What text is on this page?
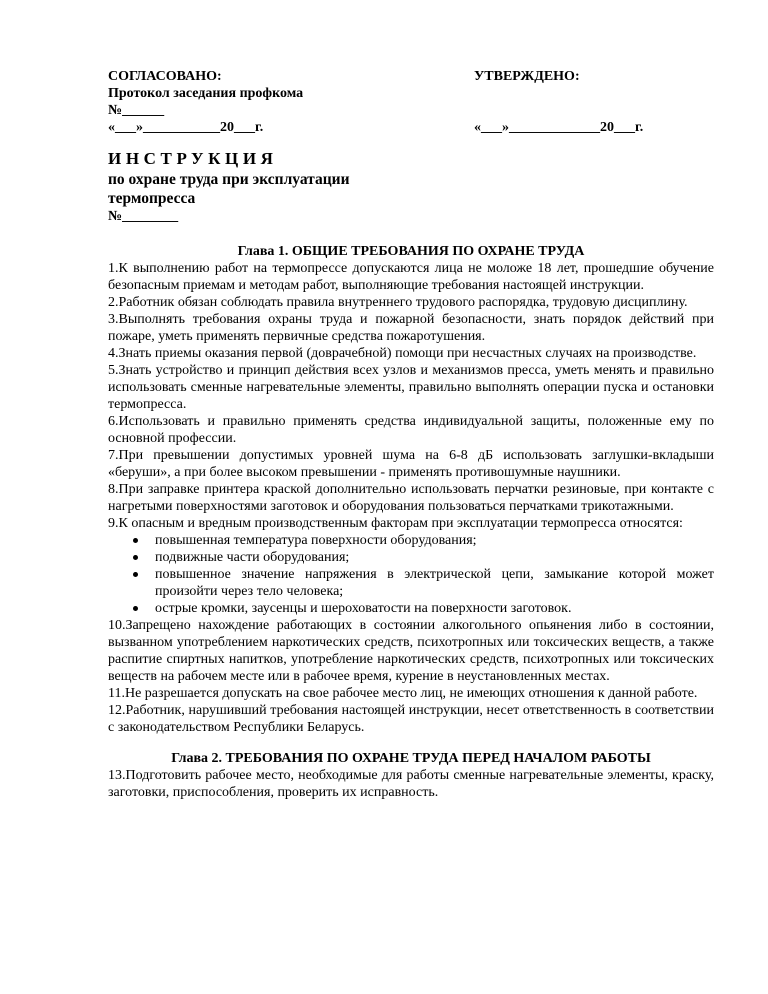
СОГЛАСОВАНО:
Протокол заседания профкома
№______
«___»___________20___г.
УТВЕРЖДЕНО:

«___»_____________20___г.
ИНСТРУКЦИЯ
по охране труда при эксплуатации
термопресса
№________
Глава 1. ОБЩИЕ ТРЕБОВАНИЯ ПО ОХРАНЕ ТРУДА

1.К выполнению работ на термопрессе допускаются лица не моложе 18 лет, прошедшие обучение безопасным приемам и методам работ, выполняющие требования настоящей инструкции.

2.Работник обязан соблюдать правила внутреннего трудового распорядка, трудовую дисциплину.

3.Выполнять требования охраны труда и пожарной безопасности, знать порядок действий при пожаре, уметь применять первичные средства пожаротушения.

4.Знать приемы оказания первой (доврачебной) помощи при несчастных случаях на производстве.

5.Знать устройство и принцип действия всех узлов и механизмов пресса, уметь менять и правильно использовать сменные нагревательные элементы, правильно выполнять операции пуска и остановки термопресса.

6.Использовать и правильно применять средства индивидуальной защиты, положенные ему по основной профессии.

7.При превышении допустимых уровней шума на 6-8 дБ использовать заглушки-вкладыши «беруши», а при более высоком превышении - применять противошумные наушники.

8.При заправке принтера краской дополнительно использовать перчатки резиновые, при контакте с нагретыми поверхностями заготовок и оборудования пользоваться перчатками трикотажными.

9.К опасным и вредным производственным факторам при эксплуатации термопресса относятся:

повышенная температура поверхности оборудования;
подвижные части оборудования;
повышенное значение напряжения в электрической цепи, замыкание которой может произойти через тело человека;
острые кромки, заусенцы и шероховатости на поверхности заготовок.

10.Запрещено нахождение работающих в состоянии алкогольного опьянения либо в состоянии, вызванном употреблением наркотических средств, психотропных или токсических веществ, а также распитие спиртных напитков, употребление наркотических средств, психотропных или токсических веществ на рабочем месте или в рабочее время, курение в неустановленных местах.

11.Не разрешается допускать на свое рабочее место лиц, не имеющих отношения к данной работе.

12.Работник, нарушивший требования настоящей инструкции, несет ответственность в соответствии с законодательством Республики Беларусь.

Глава 2. ТРЕБОВАНИЯ ПО ОХРАНЕ ТРУДА ПЕРЕД НАЧАЛОМ РАБОТЫ

13.Подготовить рабочее место, необходимые для работы сменные нагревательные элементы, краску, заготовки, приспособления, проверить их исправность.
